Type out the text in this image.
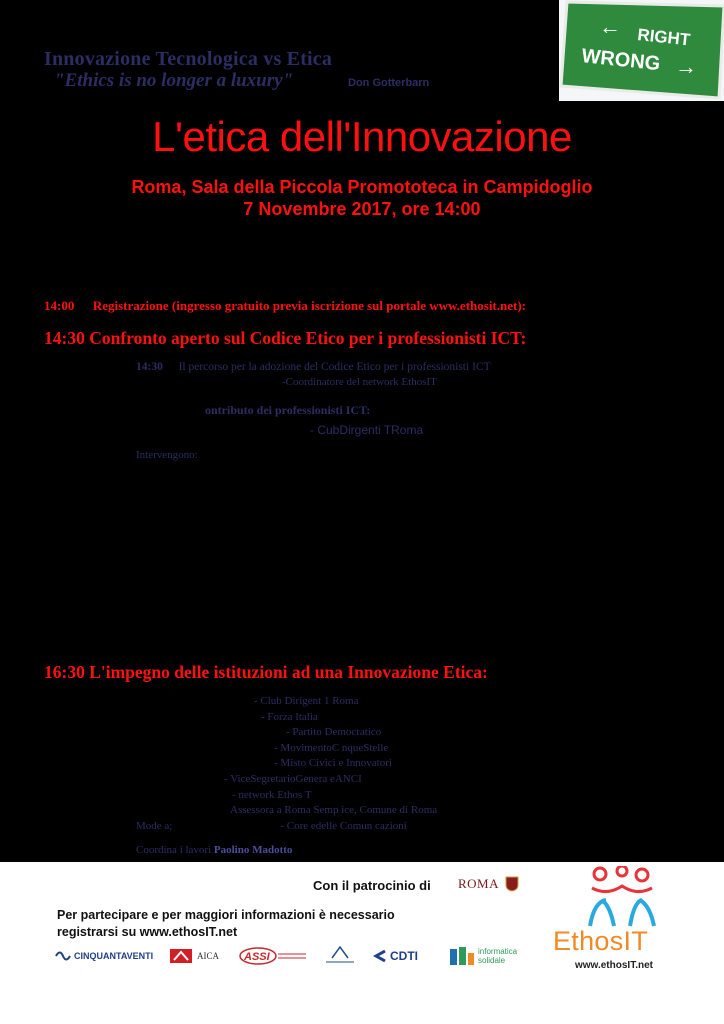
Innovazione Tecnologica vs Etica
"Ethics is no longer a luxury"	Don Gotterbarn
L'etica dell'Innovazione
Roma, Sala della Piccola Promototeca in Campidoglio
7 Novembre 2017, ore 14:00
← RIGHT
WRONG →
14:00 Registrazione (ingresso gratuito previa iscrizione sul portale www.ethosit.net):
14:30 Confronto aperto sul Codice Etico per i professionisti ICT:
14:30 Il percorso per la adozione del Codice Etico per i professionisti ICT
-Coordinatore del network EthosIT
ontributo dei professionisti ICT:
- CubDirgenti TRoma
Intervengono:
16:30 L'impegno delle istituzioni ad una Innovazione Etica:
- Club Dirigent 1 Roma
- Forza Italia
- Partito Democratico
- MovimentoC nqueStelle
- Misto Civici e Innovatori
- ViceSegretarioGenera eANCI
- network Ethos T
Assessora a Roma Semp ice, Comune di Roma
Mode a;	- Core edelle Comun cazioni
Coordina i lavori Paolino Madotto
Con il patrocinio di ROMA
Per partecipare e per maggiori informazioni è necessario
registrarsi su www.ethosIT.net	EthosIT
www.ethosIT.net
CINQUANTAVENTI	AICA ASSI	CDTI	informatica solidale
